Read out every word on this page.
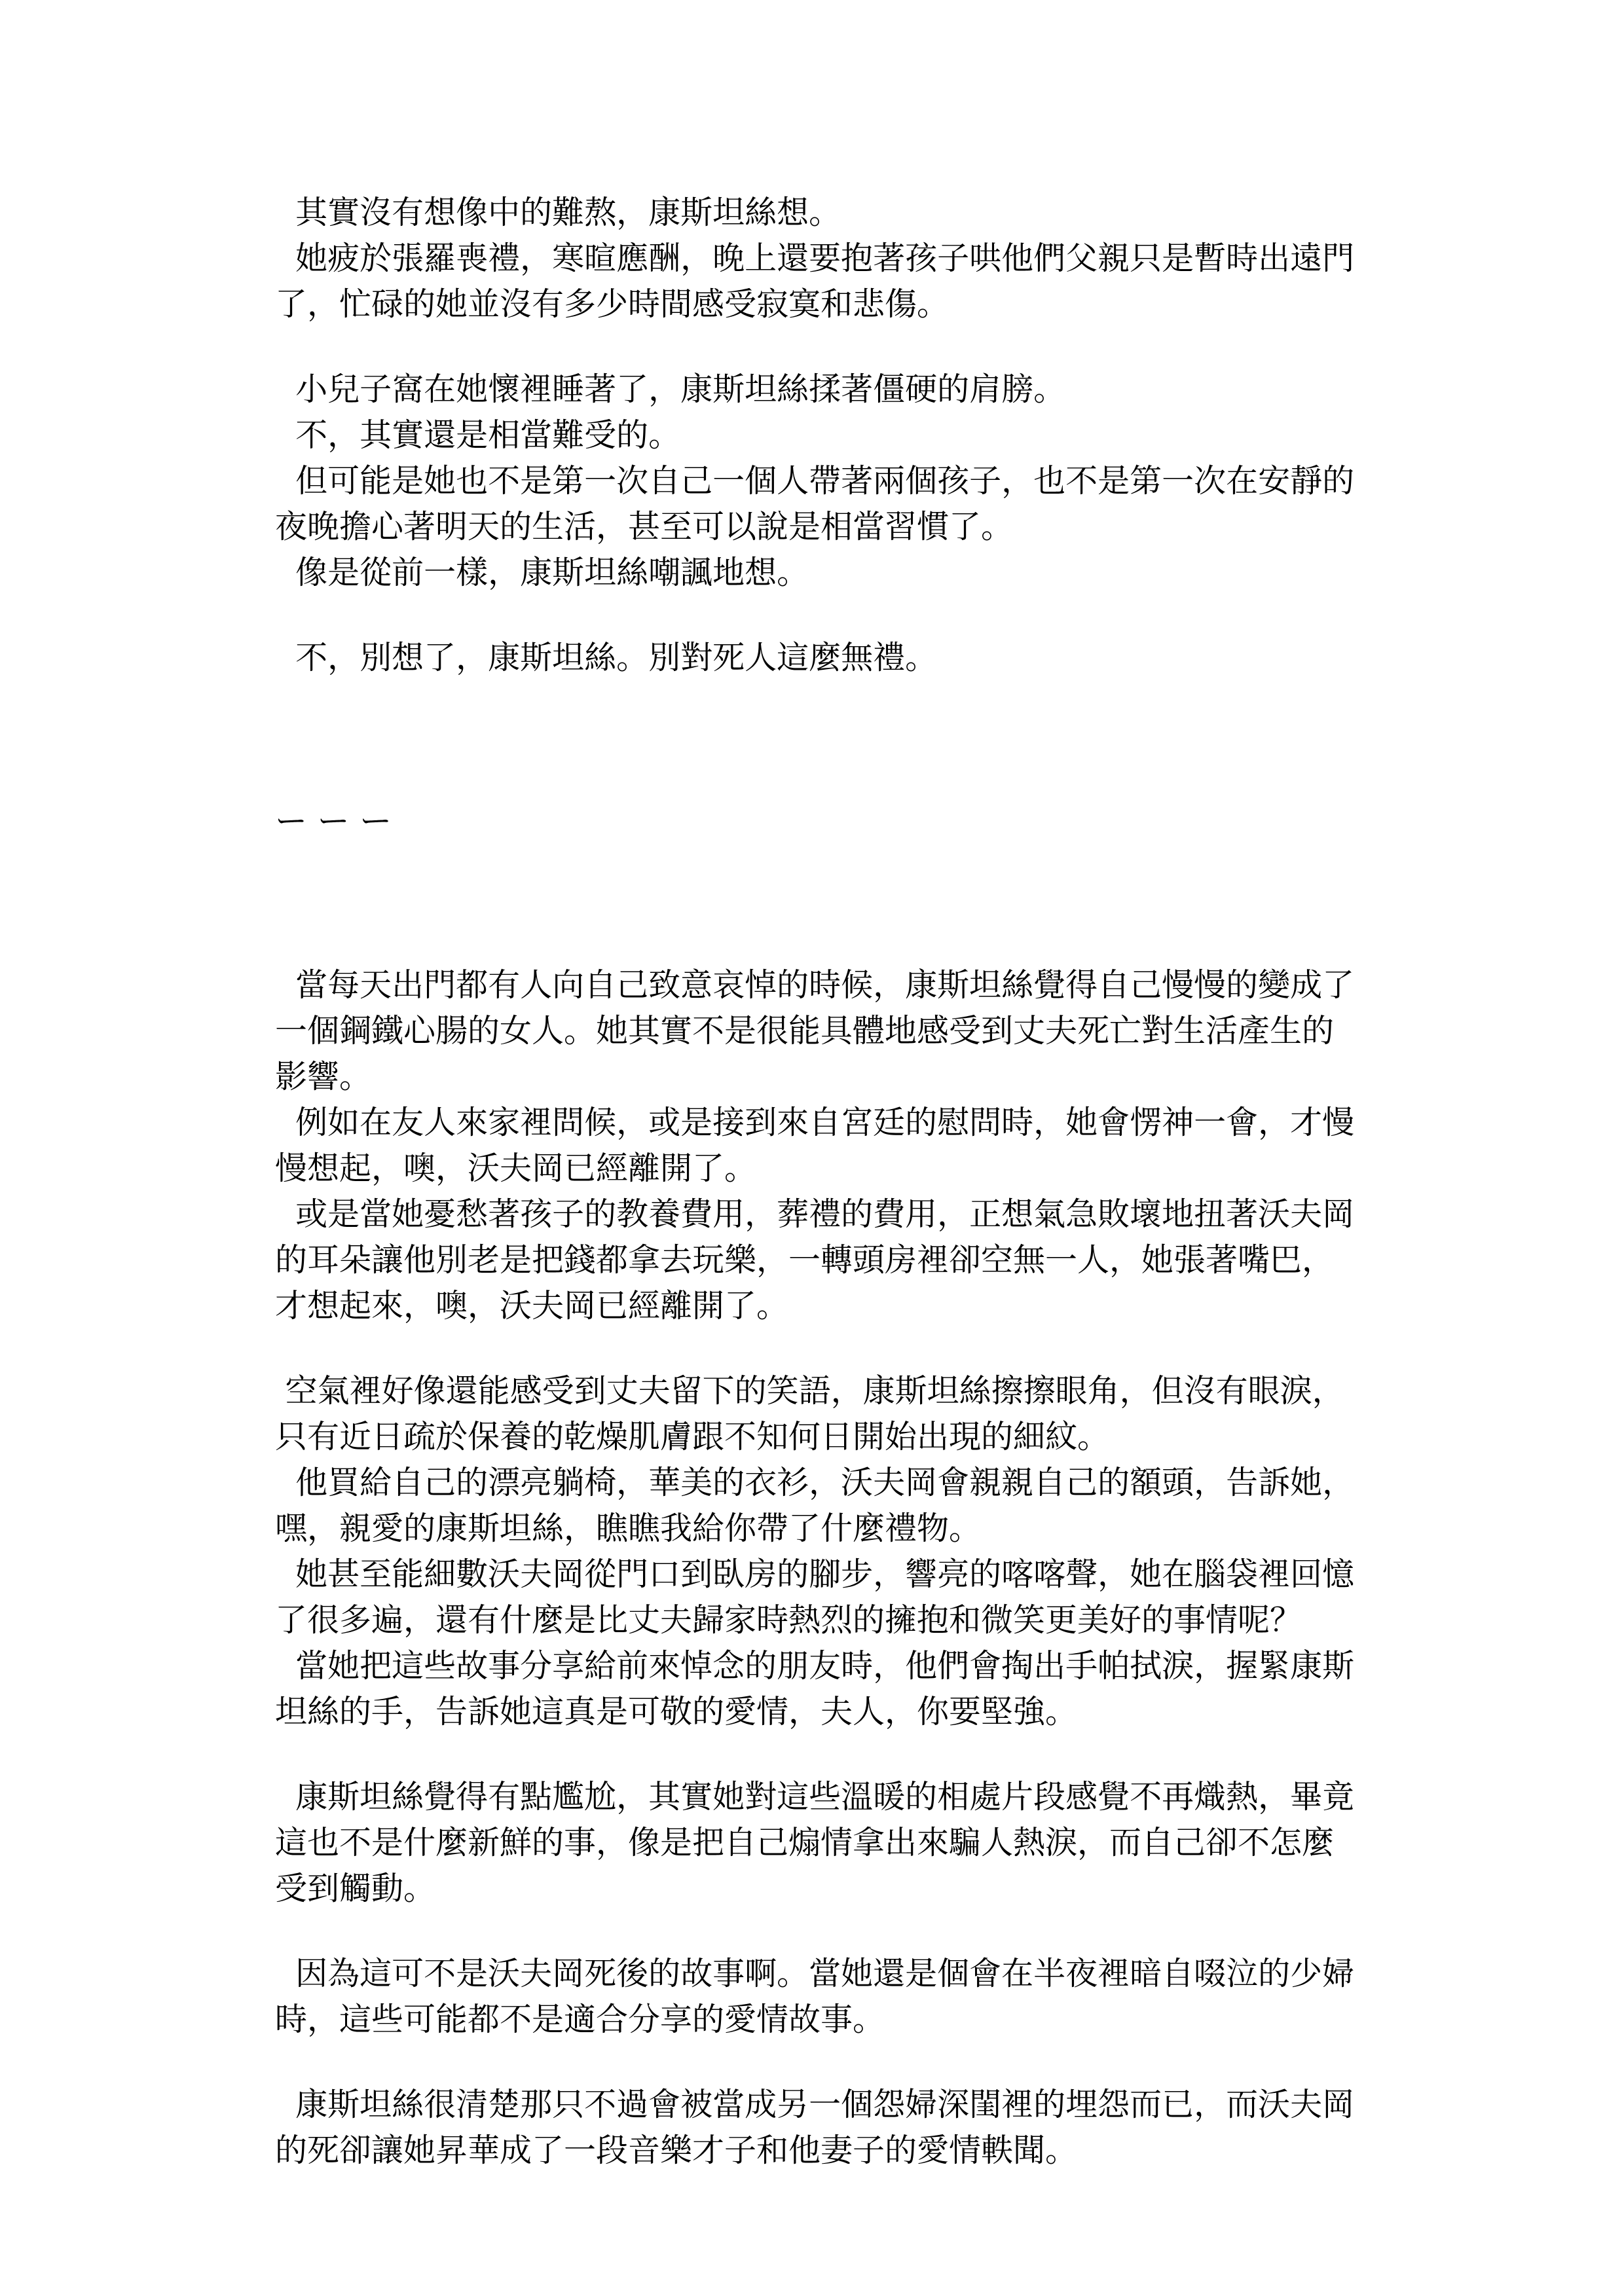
其實沒有想像中的難熬，康斯坦絲想。

她疲於張羅喪禮，寒暄應酬，晚上還要抱著孩子哄他們父親只是暫時出遠門了，忙碌的她並沒有多少時間感受寂寞和悲傷。

小兒子窩在她懷裡睡著了，康斯坦絲揉著僵硬的肩膀。

不，其實還是相當難受的。

但可能是她也不是第一次自己一個人帶著兩個孩子，也不是第一次在安靜的夜晚擔心著明天的生活，甚至可以說是相當習慣了。

像是從前一樣，康斯坦絲嘲諷地想。

不，別想了，康斯坦絲。別對死人這麼無禮。

ー ー ー

當每天出門都有人向自己致意哀悼的時候，康斯坦絲覺得自己慢慢的變成了一個鋼鐵心腸的女人。她其實不是很能具體地感受到丈夫死亡對生活產生的影響。

例如在友人來家裡問候，或是接到來自宮廷的慰問時，她會愣神一會，才慢慢想起，噢，沃夫岡已經離開了。

或是當她憂愁著孩子的教養費用，葬禮的費用，正想氣急敗壞地扭著沃夫岡的耳朵讓他別老是把錢都拿去玩樂，一轉頭房裡卻空無一人，她張著嘴巴，才想起來，噢，沃夫岡已經離開了。

空氣裡好像還能感受到丈夫留下的笑語，康斯坦絲擦擦眼角，但沒有眼淚，只有近日疏於保養的乾燥肌膚跟不知何日開始出現的細紋。

他買給自己的漂亮躺椅，華美的衣衫，沃夫岡會親親自己的額頭，告訴她，嘿，親愛的康斯坦絲，瞧瞧我給你帶了什麼禮物。

她甚至能細數沃夫岡從門口到臥房的腳步，響亮的喀喀聲，她在腦袋裡回憶了很多遍，還有什麼是比丈夫歸家時熱烈的擁抱和微笑更美好的事情呢？

當她把這些故事分享給前來悼念的朋友時，他們會掏出手帕拭淚，握緊康斯坦絲的手，告訴她這真是可敬的愛情，夫人，你要堅強。

康斯坦絲覺得有點尷尬，其實她對這些溫暖的相處片段感覺不再熾熱，畢竟這也不是什麼新鮮的事，像是把自己煽情拿出來騙人熱淚，而自己卻不怎麼受到觸動。

因為這可不是沃夫岡死後的故事啊。當她還是個會在半夜裡暗自啜泣的少婦時，這些可能都不是適合分享的愛情故事。

康斯坦絲很清楚那只不過會被當成另一個怨婦深閨裡的埋怨而已，而沃夫岡的死卻讓她昇華成了一段音樂才子和他妻子的愛情軼聞。
